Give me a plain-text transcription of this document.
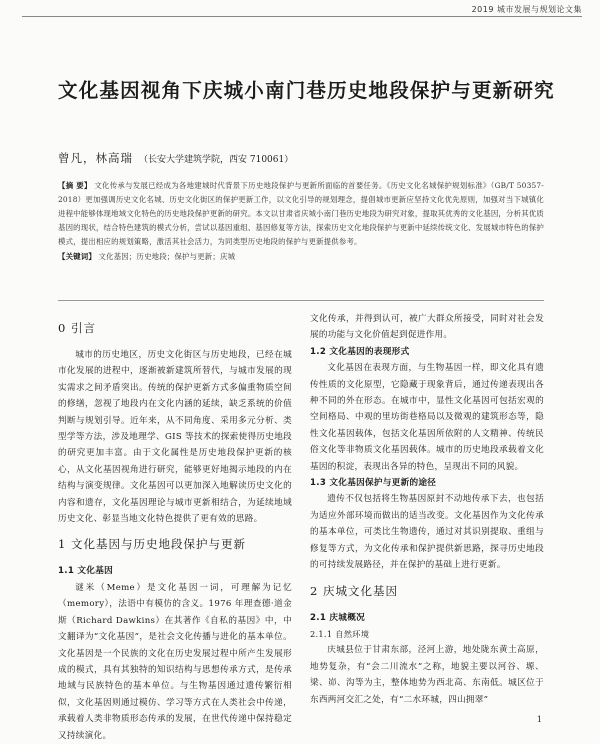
2019 城市发展与规划论文集
文化基因视角下庆城小南门巷历史地段保护与更新研究
曾凡，林高瑞 （长安大学建筑学院，西安 710061）
【摘 要】 文化传承与发展已经成为各地建城时代背景下历史地段保护与更新所面临的首要任务。《历史文化名城保护规划标准》（GB/T 50357-2018）更加强调历史文化名城、历史文化街区的保护更新工作，以文化引导的规划理念，提倡城市更新应坚持文化优先原则，加强对当下城镇化进程中能够体现地域文化特色的历史地段保护更新的研究。本文以甘肃省庆城小南门巷历史地段为研究对象，提取其优秀的文化基因，分析其优质基因的现状，结合特色建筑的模式分析，尝试以基因重组、基因修复等方法，探索历史文化地段保护与更新中延续传统文化、发展城市特色的保护模式，提出相应的规划策略，激活其社会活力，为同类型历史地段的保护与更新提供参考。
【关键词】 文化基因；历史地段；保护与更新；庆城
0 引言

城市的历史地区，历史文化街区与历史地段，已经在城市化发展的进程中，逐渐被新建筑所替代，与城市发展的现实需求之间矛盾突出。传统的保护更新方式多偏重物质空间的修缮，忽视了地段内在文化内涵的延续，缺乏系统的价值判断与规划引导。近年来，从不同角度、采用多元分析、类型学等方法，涉及地理学、GIS 等技术的探索使得历史地段的研究更加丰富。由于文化属性是历史地段保护更新的核心，从文化基因视角进行研究，能够更好地揭示地段的内在结构与演变规律。文化基因可以更加深入地解读历史文化的内容和遗存，文化基因理论与城市更新相结合，为延续地域历史文化、彰显当地文化特色提供了更有效的思路。

1 文化基因与历史地段保护与更新
1.1 文化基因

谜米（Meme）是文化基因一词，可理解为记忆（memory），法语中有模仿的含义。1976 年理查德·道金斯（Richard Dawkins）在其著作《自私的基因》中，中文翻译为“文化基因”，是社会文化传播与进化的基本单位。文化基因是一个民族的文化在历史发展过程中所产生发展形成的模式，具有其独特的知识结构与思想传承方式，是传承地域与民族特色的基本单位。与生物基因通过遗传繁衍相似，文化基因则通过模仿、学习等方式在人类社会中传递，承载着人类非物质形态传承的发展，在世代传递中保持稳定又持续演化。

文化传承，并得到认可，被广大群众所接受，同时对社会发展的功能与文化价值起到促进作用。

1.2 文化基因的表现形式

文化基因在表现方面，与生物基因一样，即文化具有遗传性质的文化原型，它隐藏于现象背后，通过传递表现出各种不同的外在形态。在城市中，显性文化基因可包括宏观的空间格局、中观的里坊街巷格局以及微观的建筑形态等，隐性文化基因载体，包括文化基因所依附的人文精神、传统民俗文化等非物质文化基因载体。城市的历史地段承载着文化基因的积淀，表现出各异的特色，呈现出不同的风貌。

1.3 文化基因保护与更新的途径

遗传不仅包括将生物基因原封不动地传承下去，也包括为适应外部环境而做出的适当改变。文化基因作为文化传承的基本单位，可类比生物遗传，通过对其识别提取、重组与修复等方式，为文化传承和保护提供新思路，探寻历史地段的可持续发展路径，并在保护的基础上进行更新。

2 庆城文化基因
2.1 庆城概况
2.1.1 自然环境

庆城县位于甘肃东部，泾河上游，地处陇东黄土高原，地势复杂，有“会二川流水”之称，地貌主要以河谷、塬、梁、峁、沟等为主，整体地势为西北高、东南低。城区位于东西两河交汇之处，有“二水环城，四山拥翠”

1
